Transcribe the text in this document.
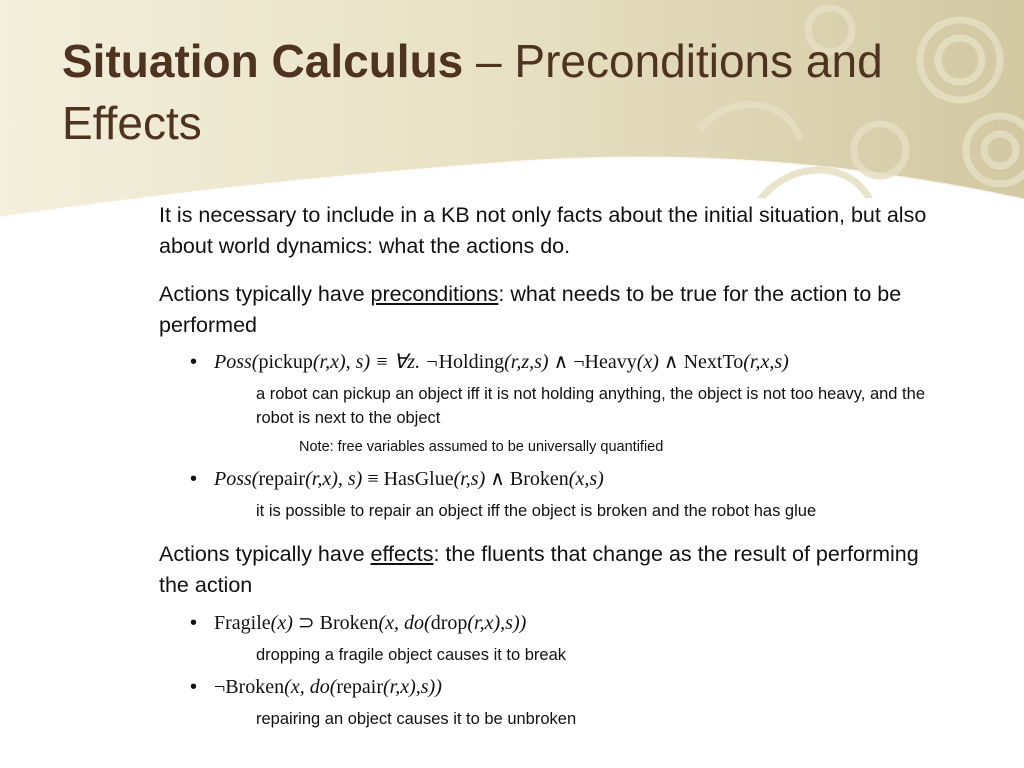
Situation Calculus – Preconditions and Effects
It is necessary to include in a KB not only facts about the initial situation, but also about world dynamics: what the actions do.
Actions typically have preconditions: what needs to be true for the action to be performed
• Poss(pickup(r,x), s) ≡ ∀z. ¬Holding(r,z,s) ∧ ¬Heavy(x) ∧ NextTo(r,x,s)
a robot can pickup an object iff it is not holding anything, the object is not too heavy, and the robot is next to the object
Note: free variables assumed to be universally quantified
• Poss(repair(r,x), s) ≡ HasGlue(r,s) ∧ Broken(x,s)
it is possible to repair an object iff the object is broken and the robot has glue
Actions typically have effects: the fluents that change as the result of performing the action
• Fragile(x) ⊃ Broken(x, do(drop(r,x),s))
dropping a fragile object causes it to break
• ¬Broken(x, do(repair(r,x),s))
repairing an object causes it to be unbroken
